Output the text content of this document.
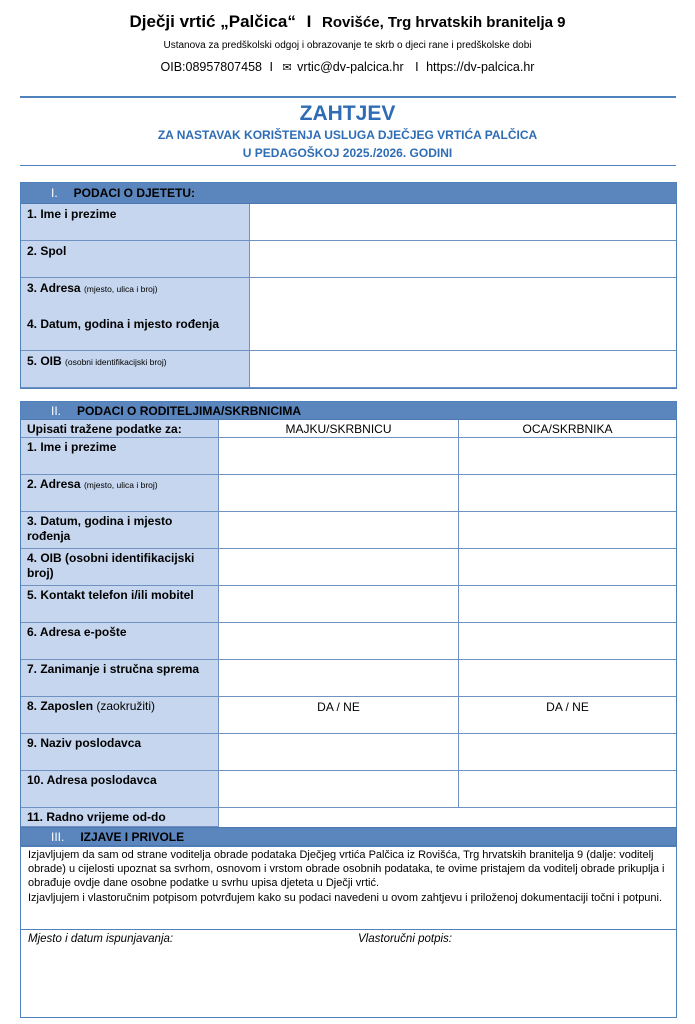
Dječji vrtić „Palčica“ I Rovišće, Trg hrvatskih branitelja 9
Ustanova za predškolski odgoj i obrazovanje te skrb o djeci rane i predškolske dobi
OIB:08957807458 I ✉ vrtic@dv-palcica.hr I https://dv-palcica.hr
ZAHTJEV
ZA NASTAVAK KORIŠTENJA USLUGA DJEČJEG VRTIĆA PALČICA
U PEDAGOŠKOJ 2025./2026. GODINI
I. PODACI O DJETETU:
1. Ime i prezime
2. Spol
3. Adresa (mjesto, ulica i broj)
4. Datum, godina i mjesto rođenja
5. OIB (osobni identifikacijski broj)
II. PODACI O RODITELJIMA/SKRBNICIMA
Upisati tražene podatke za:	MAJKU/SKRBNICU	OCA/SKRBNIKA
1. Ime i prezime
2. Adresa (mjesto, ulica i broj)
3. Datum, godina i mjesto rođenja
4. OIB (osobni identifikacijski broj)
5. Kontakt telefon i/ili mobitel
6. Adresa e-pošte
7. Zanimanje i stručna sprema
8. Zaposlen (zaokružiti)	DA / NE	DA / NE
9. Naziv poslodavca
10. Adresa poslodavca
11. Radno vrijeme od-do
III. IZJAVE I PRIVOLE

Izjavljujem da sam od strane voditelja obrade podataka Dječjeg vrtića Palčica iz Rovišća, Trg hrvatskih branitelja 9 (dalje: voditelj obrade) u cijelosti upoznat sa svrhom, osnovom i vrstom obrade osobnih podataka, te ovime pristajem da voditelj obrade prikuplja i obrađuje ovdje dane osobne podatke u svrhu upisa djeteta u Dječji vrtić.

Izjavljujem i vlastoručnim potpisom potvrđujem kako su podaci navedeni u ovom zahtjevu i priloženoj dokumentaciji točni i potpuni.

Mjesto i datum ispunjavanja:	Vlastoručni potpis:
